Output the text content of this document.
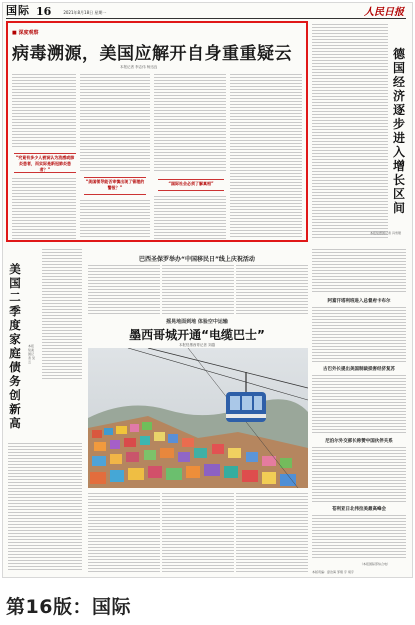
国际 16	2021年8月18日 星期一	人民日报
■ 深度观察
病毒溯源，美国应解开自身重重疑云
本报记者 李志伟 杨迅良
“究竟有多少人被误认为流感或肺炎患者，而实际是新冠肺炎患者？”
“美国领导能否审慎出现了管理的警报？”
“国际社会必须了解真相”
德国经济逐步进入增长区间
本报驻德国记者 冯雪珺
美国二季度家庭债务创新高
本报驻美国记者 吴 云
巴西圣保罗举办“中国移民日”线上庆祝活动
摇晃地面到地 体验空中运输
墨西哥城开通“电缆巴士”
本报驻墨西哥记者 刘越
阿富汗塔利班进入总督府卡布尔
古巴外长提出美国制裁损害经济复苏
尼泊尔外交部长称赞中国伙伴关系
苍利亚日北伟拉美最高峰会
（本报国际部综合电）
本版责编：廖沧海 邹翔 宇 胡宇
第16版：国际
